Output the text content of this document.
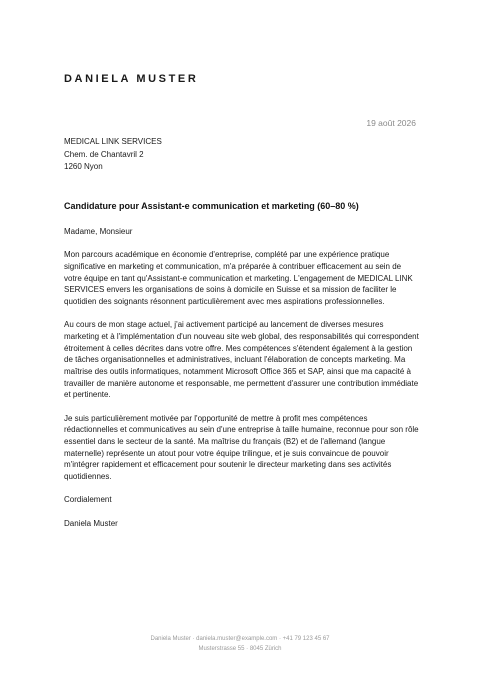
DANIELA MUSTER
19 août 2026
MEDICAL LINK SERVICES
Chem. de Chantavril 2
1260 Nyon
Candidature pour Assistant-e communication et marketing (60–80 %)

Madame, Monsieur

Mon parcours académique en économie d'entreprise, complété par une expérience pratique significative en marketing et communication, m'a préparée à contribuer efficacement au sein de votre équipe en tant qu'Assistant-e communication et marketing. L'engagement de MEDICAL LINK SERVICES envers les organisations de soins à domicile en Suisse et sa mission de faciliter le quotidien des soignants résonnent particulièrement avec mes aspirations professionnelles.

Au cours de mon stage actuel, j'ai activement participé au lancement de diverses mesures marketing et à l'implémentation d'un nouveau site web global, des responsabilités qui correspondent étroitement à celles décrites dans votre offre. Mes compétences s'étendent également à la gestion de tâches organisationnelles et administratives, incluant l'élaboration de concepts marketing. Ma maîtrise des outils informatiques, notamment Microsoft Office 365 et SAP, ainsi que ma capacité à travailler de manière autonome et responsable, me permettent d'assurer une contribution immédiate et pertinente.

Je suis particulièrement motivée par l'opportunité de mettre à profit mes compétences rédactionnelles et communicatives au sein d'une entreprise à taille humaine, reconnue pour son rôle essentiel dans le secteur de la santé. Ma maîtrise du français (B2) et de l'allemand (langue maternelle) représente un atout pour votre équipe trilingue, et je suis convaincue de pouvoir m'intégrer rapidement et efficacement pour soutenir le directeur marketing dans ses activités quotidiennes.

Cordialement

Daniela Muster

Daniela Muster · daniela.muster@example.com · +41 79 123 45 67
Musterstrasse 55 · 8045 Zürich
